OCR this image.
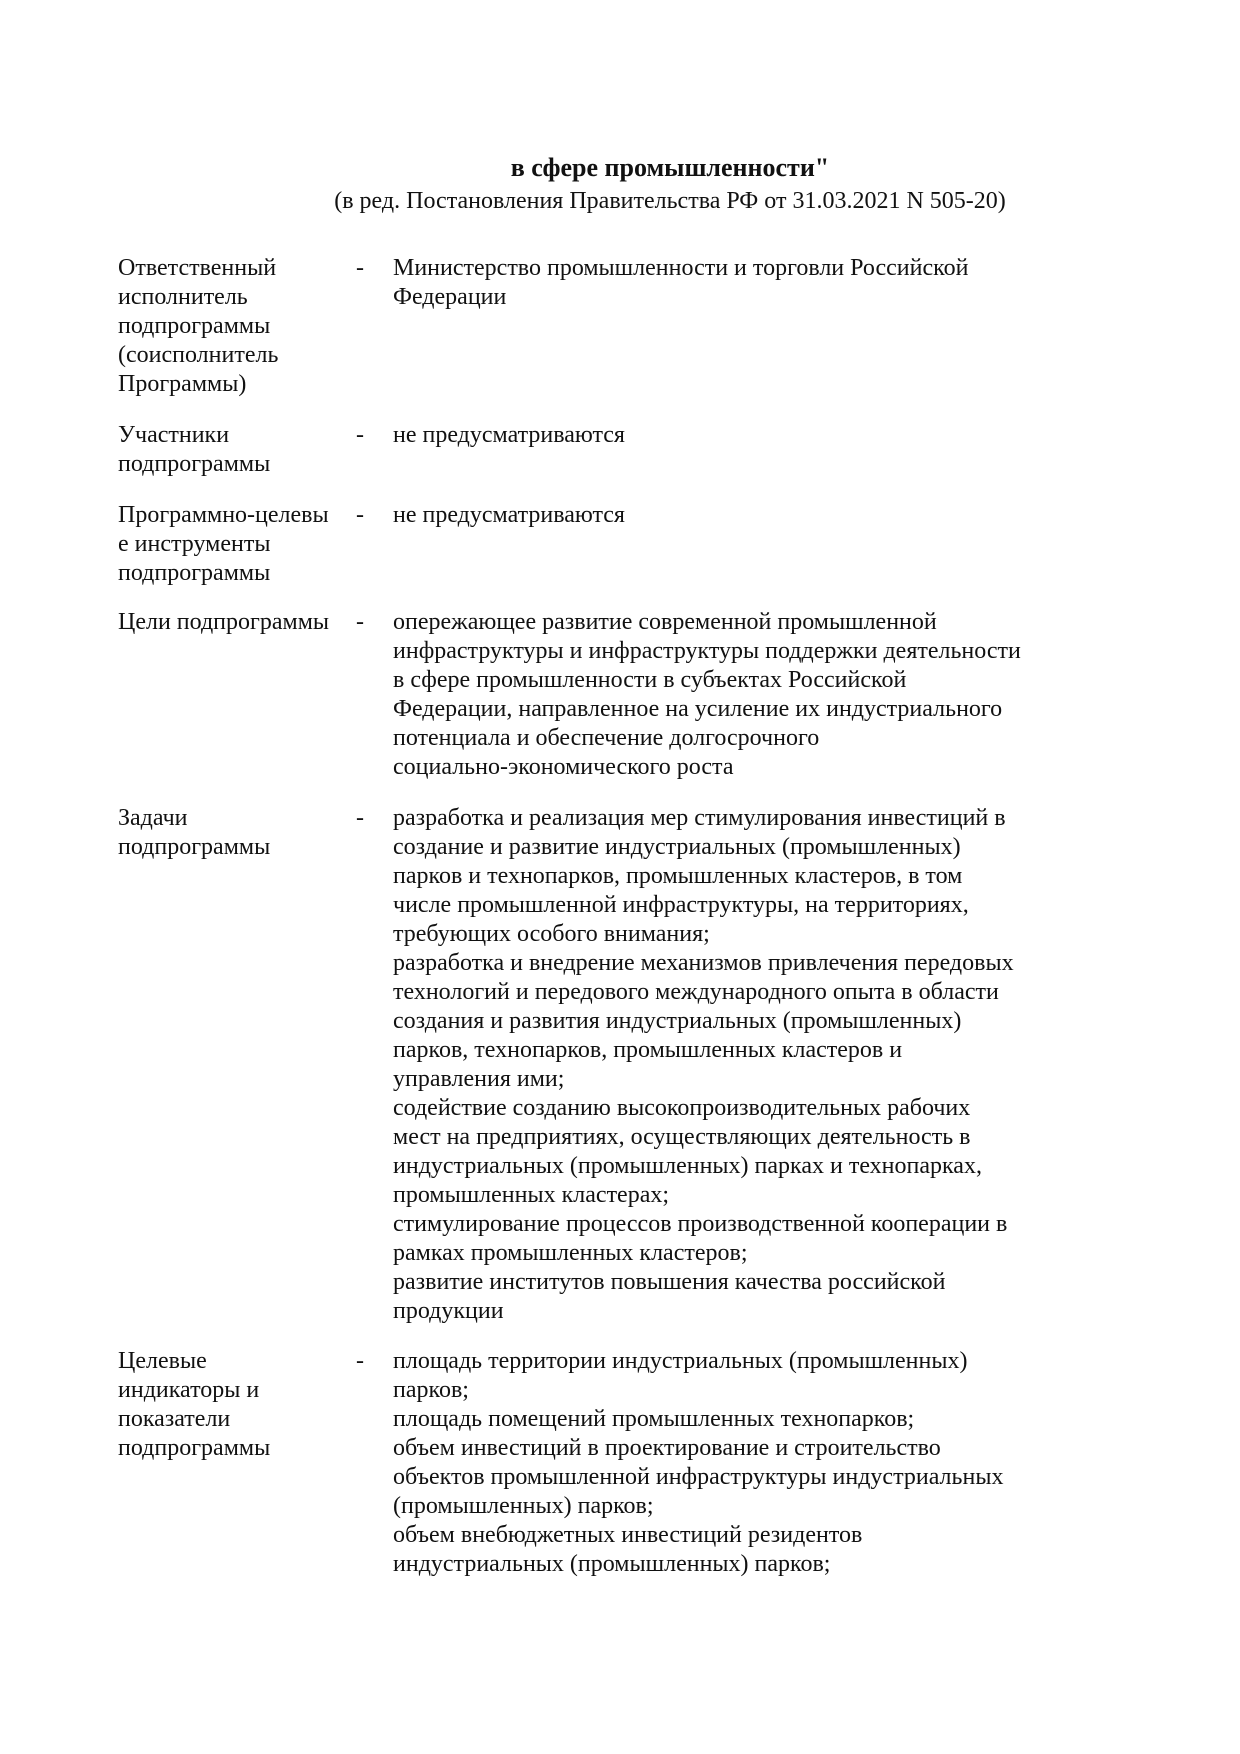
в сфере промышленности"
(в ред. Постановления Правительства РФ от 31.03.2021 N 505-20)
Ответственный
исполнитель
подпрограммы
(соисполнитель
Программы)
- Министерство промышленности и торговли Российской
Федерации
Участники
подпрограммы
- не предусматриваются
Программно-целевы
е инструменты
подпрограммы
- не предусматриваются
Цели подпрограммы	- опережающее развитие современной промышленной
инфраструктуры и инфраструктуры поддержки деятельности
в сфере промышленности в субъектах Российской
Федерации, направленное на усиление их индустриального
потенциала и обеспечение долгосрочного
социально-экономического роста
Задачи
подпрограммы
- разработка и реализация мер стимулирования инвестиций в
создание и развитие индустриальных (промышленных)
парков и технопарков, промышленных кластеров, в том
числе промышленной инфраструктуры, на территориях,
требующих особого внимания;
разработка и внедрение механизмов привлечения передовых
технологий и передового международного опыта в области
создания и развития индустриальных (промышленных)
парков, технопарков, промышленных кластеров и
управления ими;
содействие созданию высокопроизводительных рабочих
мест на предприятиях, осуществляющих деятельность в
индустриальных (промышленных) парках и технопарках,
промышленных кластерах;
стимулирование процессов производственной кооперации в
рамках промышленных кластеров;
развитие институтов повышения качества российской
продукции
Целевые
индикаторы и
показатели
подпрограммы
- площадь территории индустриальных (промышленных)
парков;
площадь помещений промышленных технопарков;
объем инвестиций в проектирование и строительство
объектов промышленной инфраструктуры индустриальных
(промышленных) парков;
объем внебюджетных инвестиций резидентов
индустриальных (промышленных) парков;
